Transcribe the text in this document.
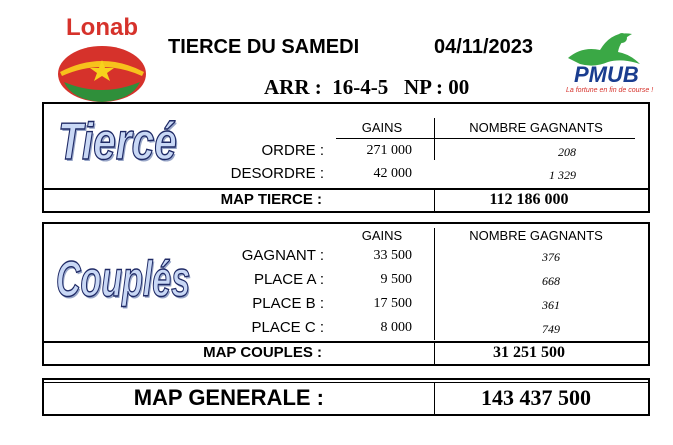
Lonab
TIERCE DU SAMEDI	04/11/2023
ARR :  16-4-5   NP : 00	PMUB
La fortune en fin de course !
Tiercé	GAINS	NOMBRE GAGNANTS
ORDRE :	271 000	208
DESORDRE :	42 000	1 329
MAP TIERCE :	112 186 000
Couplés
GAINS	NOMBRE GAGNANTS
GAGNANT :	33 500	376
PLACE A :	9 500	668
PLACE B :	17 500	361
PLACE C :	8 000	749
MAP COUPLES :	31 251 500
MAP GENERALE :	143 437 500
